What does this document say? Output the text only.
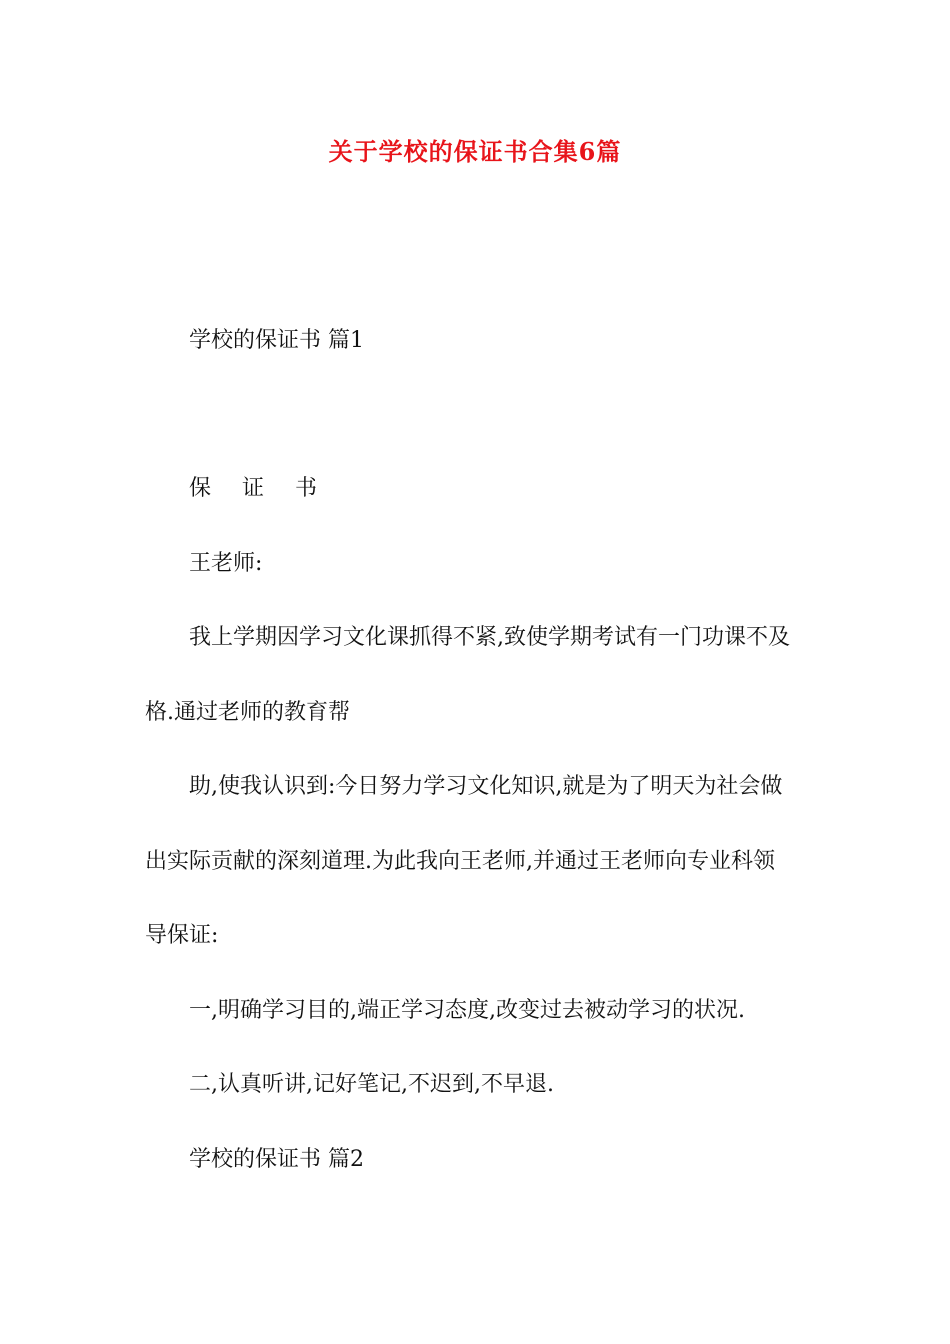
关于学校的保证书合集6篇
学校的保证书 篇1
保 证 书
王老师:
我上学期因学习文化课抓得不紧,致使学期考试有一门功课不及
格.通过老师的教育帮
助,使我认识到:今日努力学习文化知识,就是为了明天为社会做
出实际贡献的深刻道理.为此我向王老师,并通过王老师向专业科领
导保证:
一,明确学习目的,端正学习态度,改变过去被动学习的状况.
二,认真听讲,记好笔记,不迟到,不早退.
学校的保证书 篇2
